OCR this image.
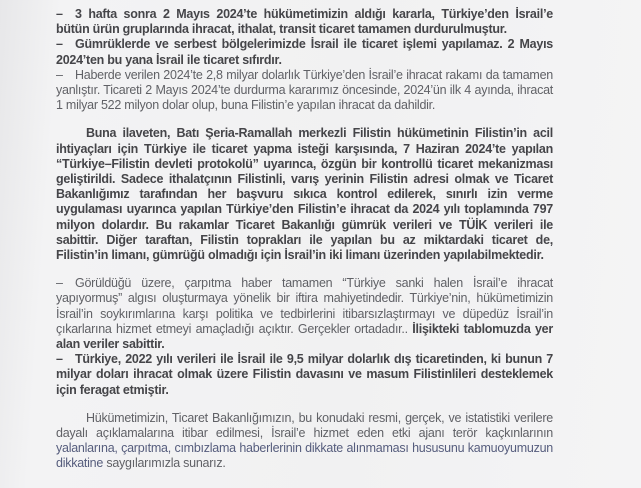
– 3 hafta sonra 2 Mayıs 2024’te hükümetimizin aldığı kararla, Türkiye’den İsrail’e bütün ürün gruplarında ihracat, ithalat, transit ticaret tamamen durdurulmuştur.

– Gümrüklerde ve serbest bölgelerimizde İsrail ile ticaret işlemi yapılamaz. 2 Mayıs 2024’ten bu yana İsrail ile ticaret sıfırdır.

– Haberde verilen 2024’te 2,8 milyar dolarlık Türkiye’den İsrail’e ihracat rakamı da tamamen yanlıştır. Ticareti 2 Mayıs 2024’te durdurma kararımız öncesinde, 2024’ün ilk 4 ayında, ihracat 1 milyar 522 milyon dolar olup, buna Filistin’e yapılan ihracat da dahildir.

Buna ilaveten, Batı Şeria-Ramallah merkezli Filistin hükümetinin Filistin’in acil ihtiyaçları için Türkiye ile ticaret yapma isteği karşısında, 7 Haziran 2024’te yapılan “Türkiye–Filistin devleti protokolü” uyarınca, özgün bir kontrollü ticaret mekanizması geliştirildi. Sadece ithalatçının Filistinli, varış yerinin Filistin adresi olmak ve Ticaret Bakanlığımız tarafından her başvuru sıkıca kontrol edilerek, sınırlı izin verme uygulaması uyarınca yapılan Türkiye’den Filistin’e ihracat da 2024 yılı toplamında 797 milyon dolardır. Bu rakamlar Ticaret Bakanlığı gümrük verileri ve TÜİK verileri ile sabittir. Diğer taraftan, Filistin toprakları ile yapılan bu az miktardaki ticaret de, Filistin’in limanı, gümrüğü olmadığı için İsrail’in iki limanı üzerinden yapılabilmektedir.

– Görüldüğü üzere, çarpıtma haber tamamen “Türkiye sanki halen İsrail’e ihracat yapıyormuş” algısı oluşturmaya yönelik bir iftira mahiyetindedir. Türkiye’nin, hükümetimizin İsrail’in soykırımlarına karşı politika ve tedbirlerini itibarsızlaştırmayı ve düpedüz İsrail’in çıkarlarına hizmet etmeyi amaçladığı açıktır. Gerçekler ortadadır.. İlişikteki tablomuzda yer alan veriler sabittir.

– Türkiye, 2022 yılı verileri ile İsrail ile 9,5 milyar dolarlık dış ticaretinden, ki bunun 7 milyar doları ihracat olmak üzere Filistin davasını ve masum Filistinlileri desteklemek için feragat etmiştir.

Hükümetimizin, Ticaret Bakanlığımızın, bu konudaki resmi, gerçek, ve istatistiki verilere dayalı açıklamalarına itibar edilmesi, İsrail’e hizmet eden etki ajanı terör kaçkınlarının yalanlarına, çarpıtma, cımbızlama haberlerinin dikkate alınmaması hususunu kamuoyumuzun dikkatine saygılarımızla sunarız.
